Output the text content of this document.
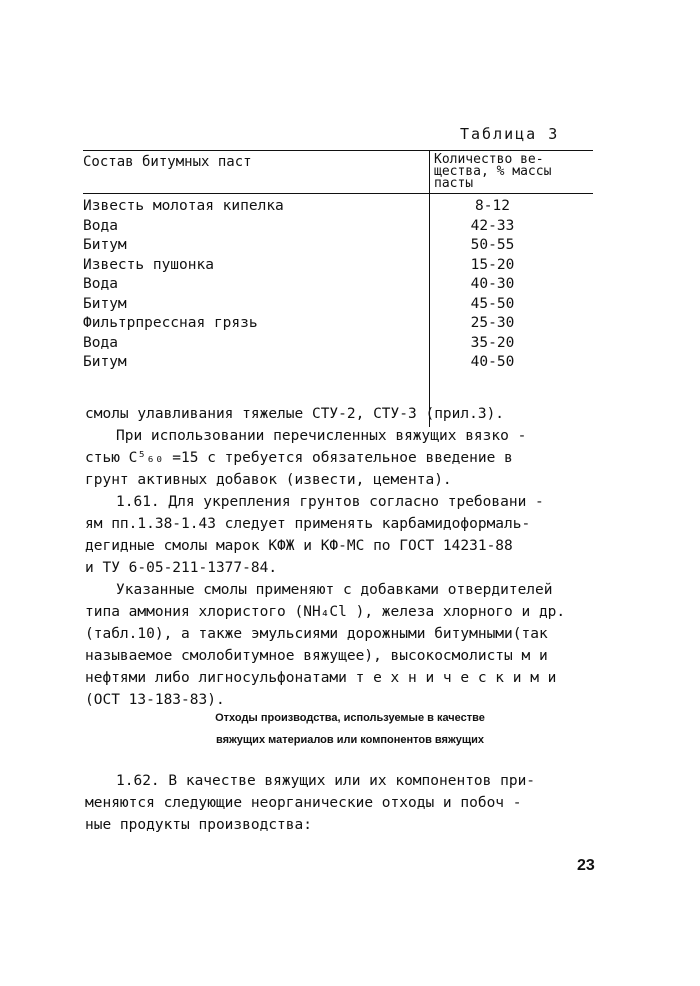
Таблица 3
Состав битумных паст	Количество ве-
щества, % массы
пасты
Известь молотая кипелка
Вода
Битум
Известь пушонка
Вода
Битум
Фильтрпрессная грязь
Вода
Битум
8-12
42-33
50-55
15-20
40-30
45-50
25-30
35-20
40-50

смолы улавливания тяжелые СТУ-2, СТУ-3 (прил.3).

При использовании перечисленных вяжущих вязко -

стью C⁵₆₀ =15 с требуется обязательное введение в

грунт активных добавок (извести, цемента).

1.61. Для укрепления грунтов согласно требовани -

ям пп.1.38-1.43 следует применять карбамидоформаль-

дегидные смолы марок КФЖ и КФ-МС по ГОСТ 14231-88

и ТУ 6-05-211-1377-84.

Указанные смолы применяют с добавками отвердителей

типа аммония хлористого (NH₄Cl ), железа хлорного и др.

(табл.10), а также эмульсиями дорожными битумными(так

называемое смолобитумное вяжущее), высокосмолисты м и

нефтями либо лигносульфонатами т е х н и ч е с к и м и

(ОСТ 13-183-83).

Отходы производства, используемые в качестве
вяжущих материалов или компонентов вяжущих

1.62. В качестве вяжущих или их компонентов при-

меняются следующие неорганические отходы и побоч -

ные продукты производства:

23
